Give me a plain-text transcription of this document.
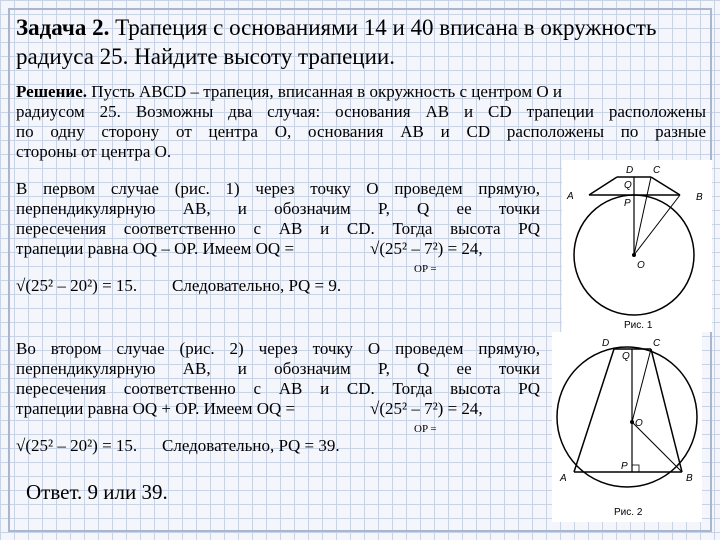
Задача 2. Трапеция с основаниями 14 и 40 вписана в окружность
радиуса 25. Найдите высоту трапеции.
Решение. Пусть ABCD – трапеция, вписанная в окружность с центром O и
радиусом 25. Возможны два случая: основания AB и CD трапеции расположены
по одну сторону от центра O, основания AB и CD расположены по разные
стороны от центра O.
В первом случае (рис. 1) через точку O проведем прямую,
перпендикулярную AB, и обозначим P, Q ее точки
пересечения соответственно с AB и CD. Тогда высота PQ
трапеции равна OQ – OP. Имеем OQ =	√(25² – 7²) = 24,
OP =
√(25² – 20²) = 15. Следовательно, PQ = 9.
Во втором случае (рис. 2) через точку O проведем прямую,
перпендикулярную AB, и обозначим P, Q ее точки
пересечения соответственно с AB и CD. Тогда высота PQ
трапеции равна OQ + OP. Имеем OQ =	√(25² – 7²) = 24,
OP =
√(25² – 20²) = 15. Следовательно, PQ = 39.
Ответ. 9 или 39.
D C
A	B
Q
P
O
Рис. 1
D	C
Q
O
P
A	B
Рис. 2
